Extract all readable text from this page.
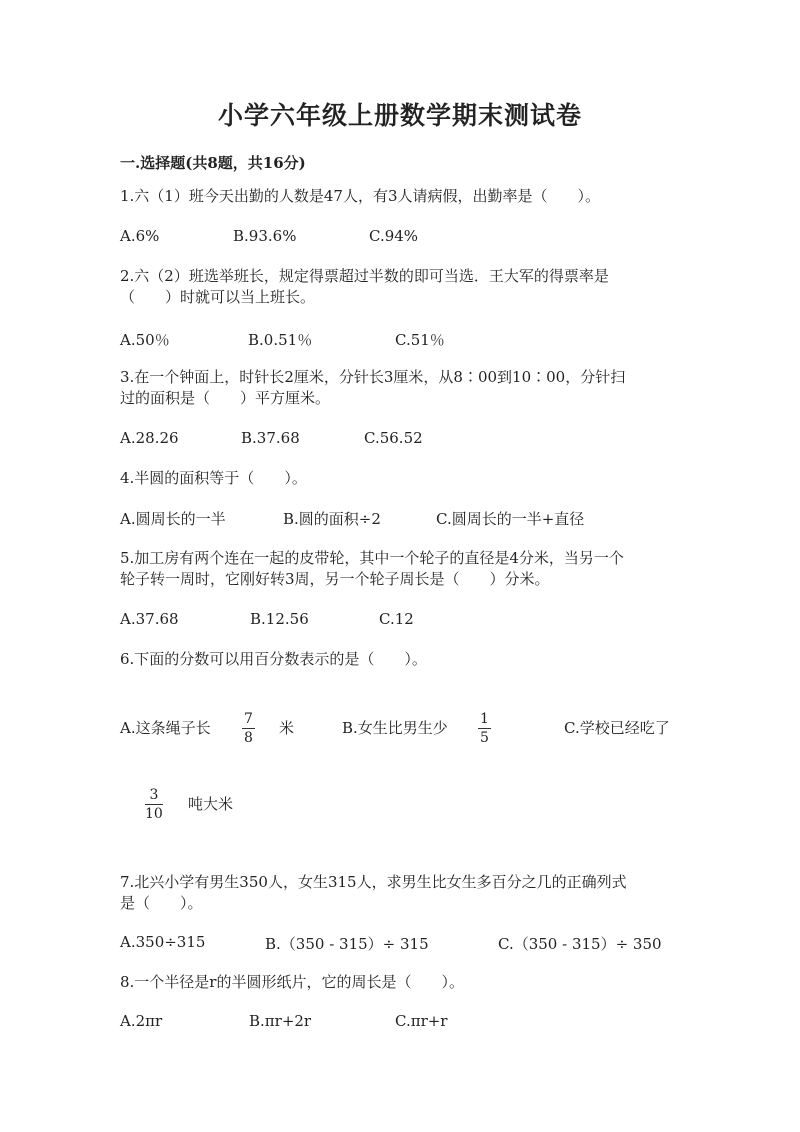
小学六年级上册数学期末测试卷
一.选择题(共8题，共16分)
1.六（1）班今天出勤的人数是47人，有3人请病假，出勤率是（　　）。
A.6%	B.93.6%	C.94%
2.六（2）班选举班长，规定得票超过半数的即可当选．王大军的得票率是
（　　）时就可以当上班长。
A.50％	B.0.51％	C.51％
3.在一个钟面上，时针长2厘米，分针长3厘米，从8∶00到10∶00，分针扫
过的面积是（　　）平方厘米。
A.28.26	B.37.68	C.56.52
4.半圆的面积等于（　　）。
A.圆周长的一半	B.圆的面积÷2	C.圆周长的一半+直径
5.加工房有两个连在一起的皮带轮，其中一个轮子的直径是4分米，当另一个
轮子转一周时，它刚好转3周，另一个轮子周长是（　　）分米。
A.37.68	B.12.56	C.12
6.下面的分数可以用百分数表示的是（　　）。
A.这条绳子长 7
8
米	B.女生比男生少 1
5
C.学校已经吃了
3
10
吨大米
7.北兴小学有男生350人，女生315人，求男生比女生多百分之几的正确列式
是（　　）。
A.350÷315	B.（350 - 315）÷ 315	C.（350 - 315）÷ 350
8.一个半径是r的半圆形纸片，它的周长是（　　）。
A.2πr	B.πr+2r	C.πr+r
